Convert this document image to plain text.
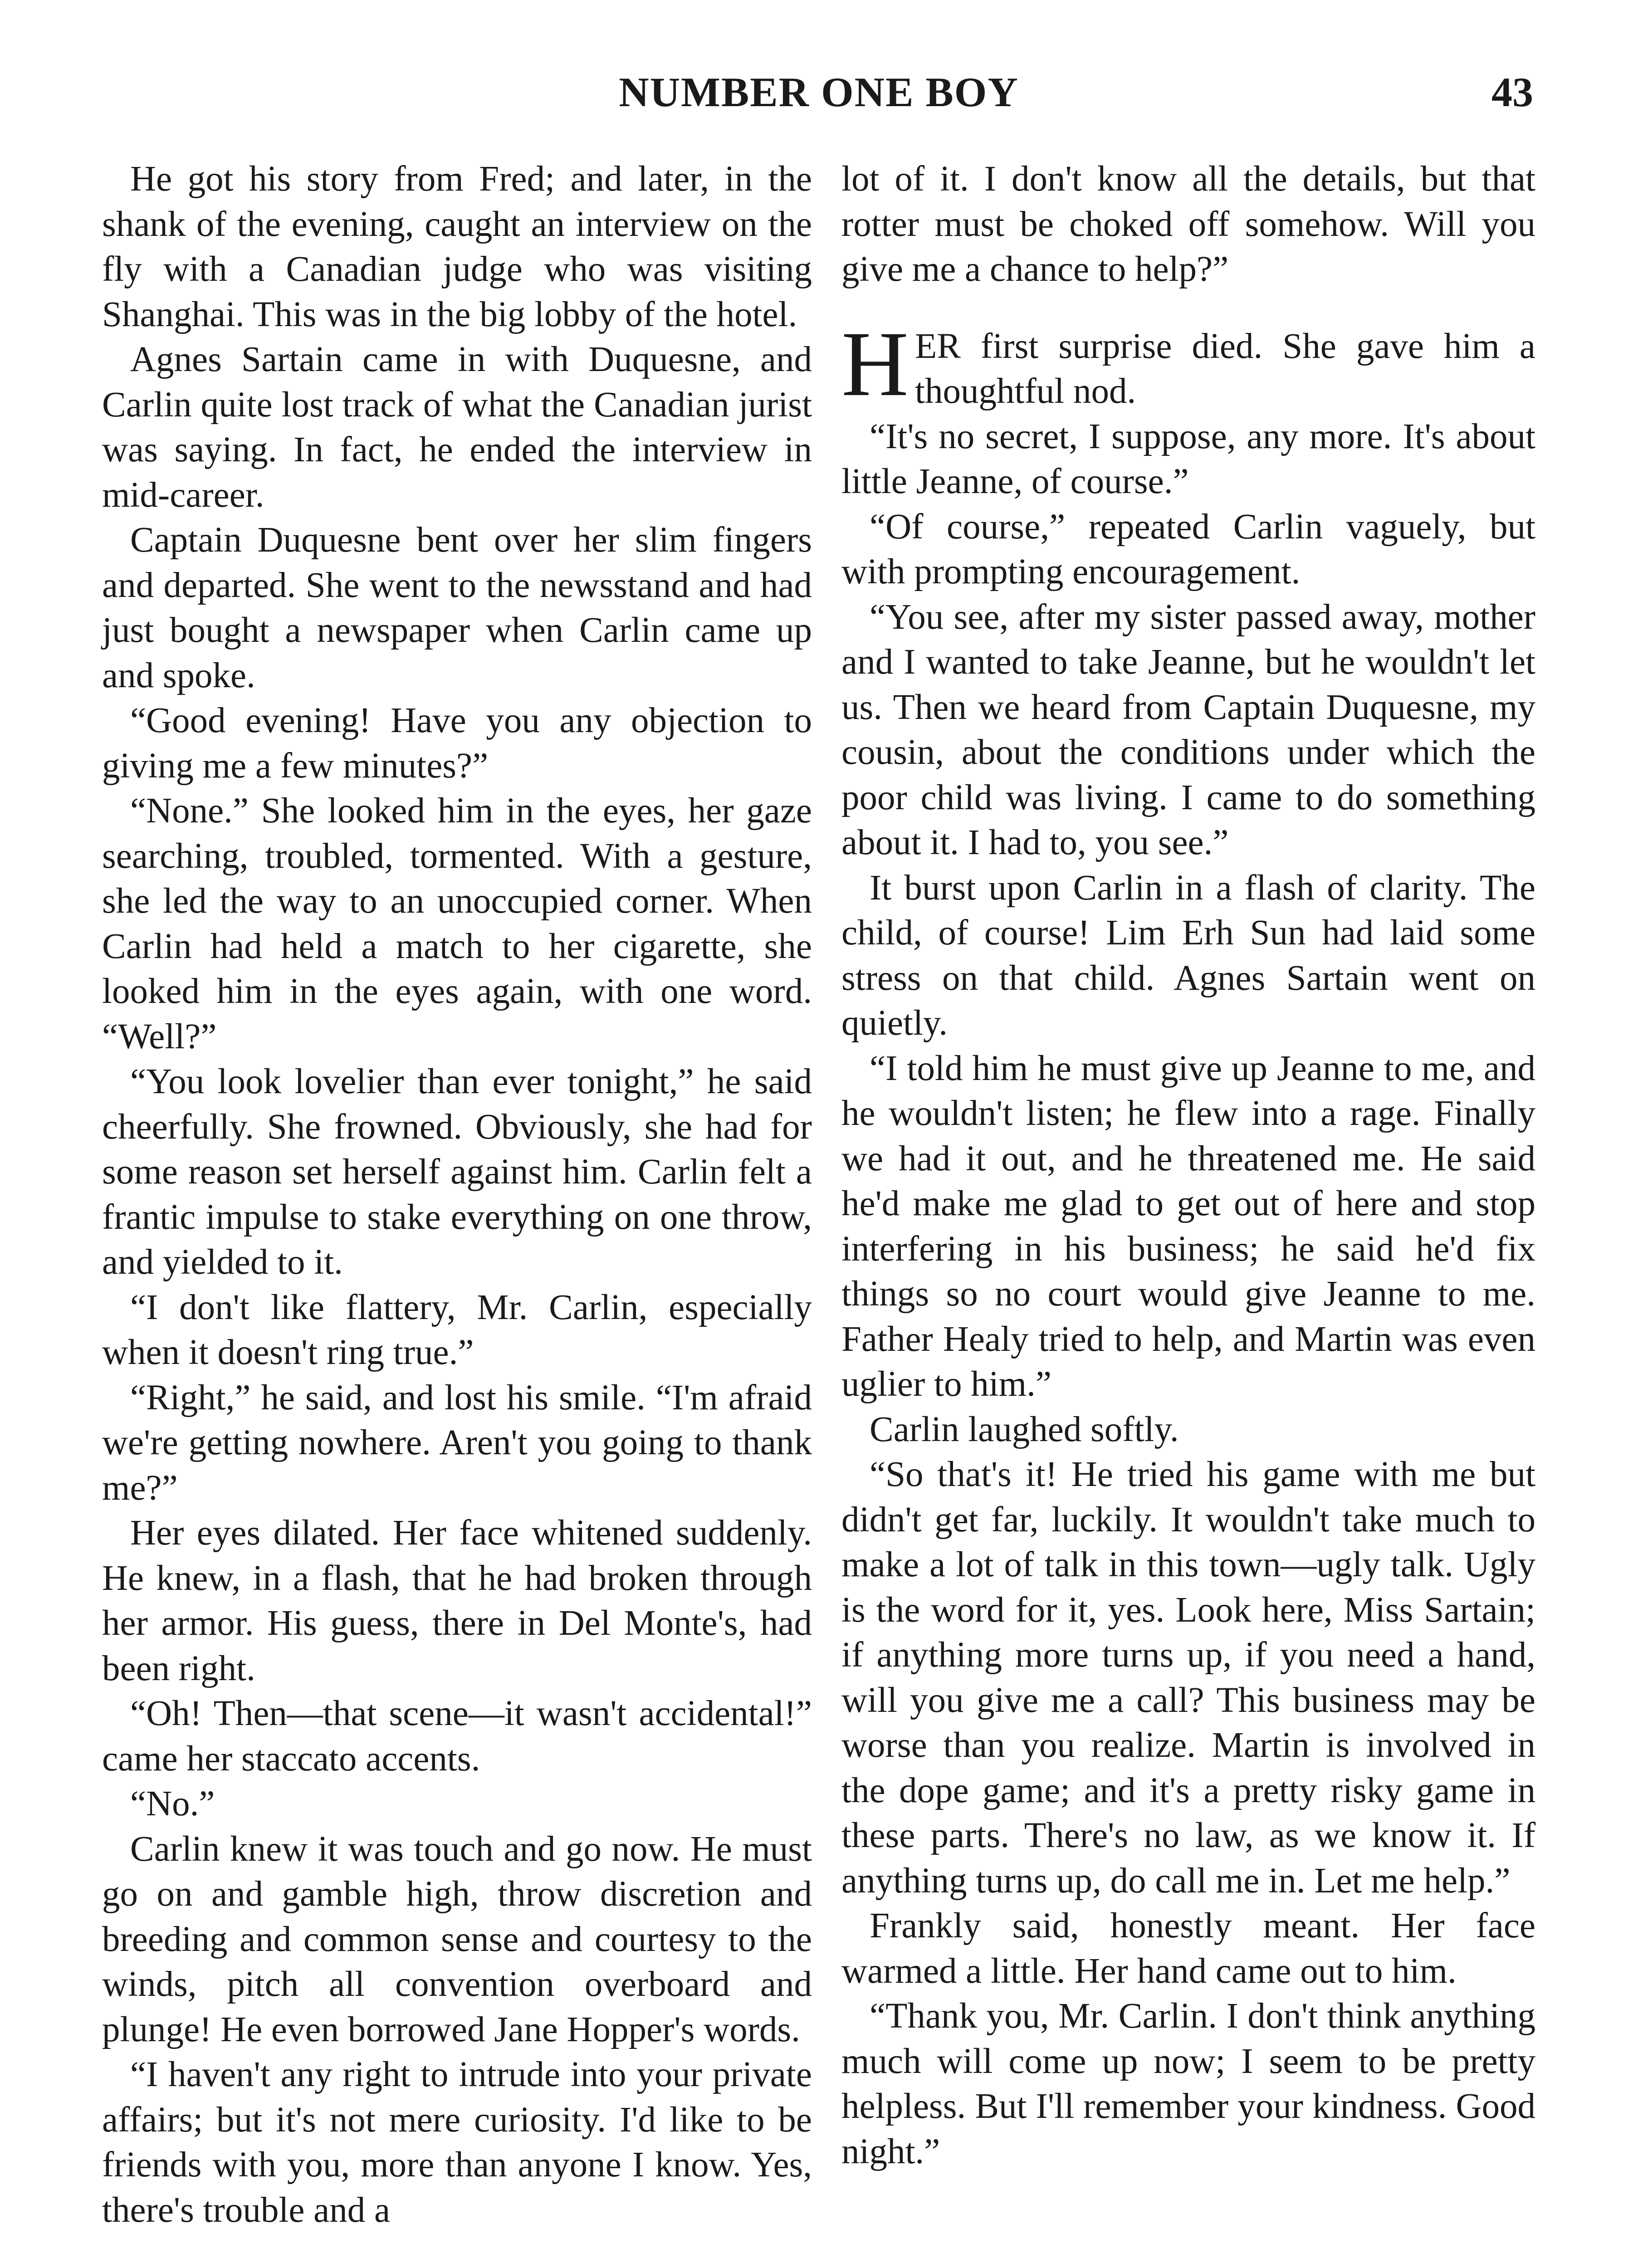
NUMBER ONE BOY	43

He got his story from Fred; and later, in the shank of the evening, caught an interview on the fly with a Canadian judge who was visiting Shanghai. This was in the big lobby of the hotel.

Agnes Sartain came in with Duquesne, and Carlin quite lost track of what the Canadian jurist was saying. In fact, he ended the interview in mid-career.

Captain Duquesne bent over her slim fingers and departed. She went to the newsstand and had just bought a newspaper when Carlin came up and spoke.

“Good evening! Have you any objection to giving me a few minutes?”

“None.” She looked him in the eyes, her gaze searching, troubled, tormented. With a gesture, she led the way to an unoccupied corner. When Carlin had held a match to her cigarette, she looked him in the eyes again, with one word. “Well?”

“You look lovelier than ever tonight,” he said cheerfully. She frowned. Obviously, she had for some reason set herself against him. Carlin felt a frantic impulse to stake everything on one throw, and yielded to it.

“I don't like flattery, Mr. Carlin, especially when it doesn't ring true.”

“Right,” he said, and lost his smile. “I'm afraid we're getting nowhere. Aren't you going to thank me?”

Her eyes dilated. Her face whitened suddenly. He knew, in a flash, that he had broken through her armor. His guess, there in Del Monte's, had been right.

“Oh! Then—that scene—it wasn't accidental!” came her staccato accents.

“No.”

Carlin knew it was touch and go now. He must go on and gamble high, throw discretion and breeding and common sense and courtesy to the winds, pitch all convention overboard and plunge! He even borrowed Jane Hopper's words.

“I haven't any right to intrude into your private affairs; but it's not mere curiosity. I'd like to be friends with you, more than anyone I know. Yes, there's trouble and a

lot of it. I don't know all the details, but that rotter must be choked off somehow. Will you give me a chance to help?”

HER first surprise died. She gave him a thoughtful nod.

“It's no secret, I suppose, any more. It's about little Jeanne, of course.”

“Of course,” repeated Carlin vaguely, but with prompting encouragement.

“You see, after my sister passed away, mother and I wanted to take Jeanne, but he wouldn't let us. Then we heard from Captain Duquesne, my cousin, about the conditions under which the poor child was living. I came to do something about it. I had to, you see.”

It burst upon Carlin in a flash of clarity. The child, of course! Lim Erh Sun had laid some stress on that child. Agnes Sartain went on quietly.

“I told him he must give up Jeanne to me, and he wouldn't listen; he flew into a rage. Finally we had it out, and he threatened me. He said he'd make me glad to get out of here and stop interfering in his business; he said he'd fix things so no court would give Jeanne to me. Father Healy tried to help, and Martin was even uglier to him.”

Carlin laughed softly.

“So that's it! He tried his game with me but didn't get far, luckily. It wouldn't take much to make a lot of talk in this town—ugly talk. Ugly is the word for it, yes. Look here, Miss Sartain; if anything more turns up, if you need a hand, will you give me a call? This business may be worse than you realize. Martin is involved in the dope game; and it's a pretty risky game in these parts. There's no law, as we know it. If anything turns up, do call me in. Let me help.”

Frankly said, honestly meant. Her face warmed a little. Her hand came out to him.

“Thank you, Mr. Carlin. I don't think anything much will come up now; I seem to be pretty helpless. But I'll remember your kindness. Good night.”
